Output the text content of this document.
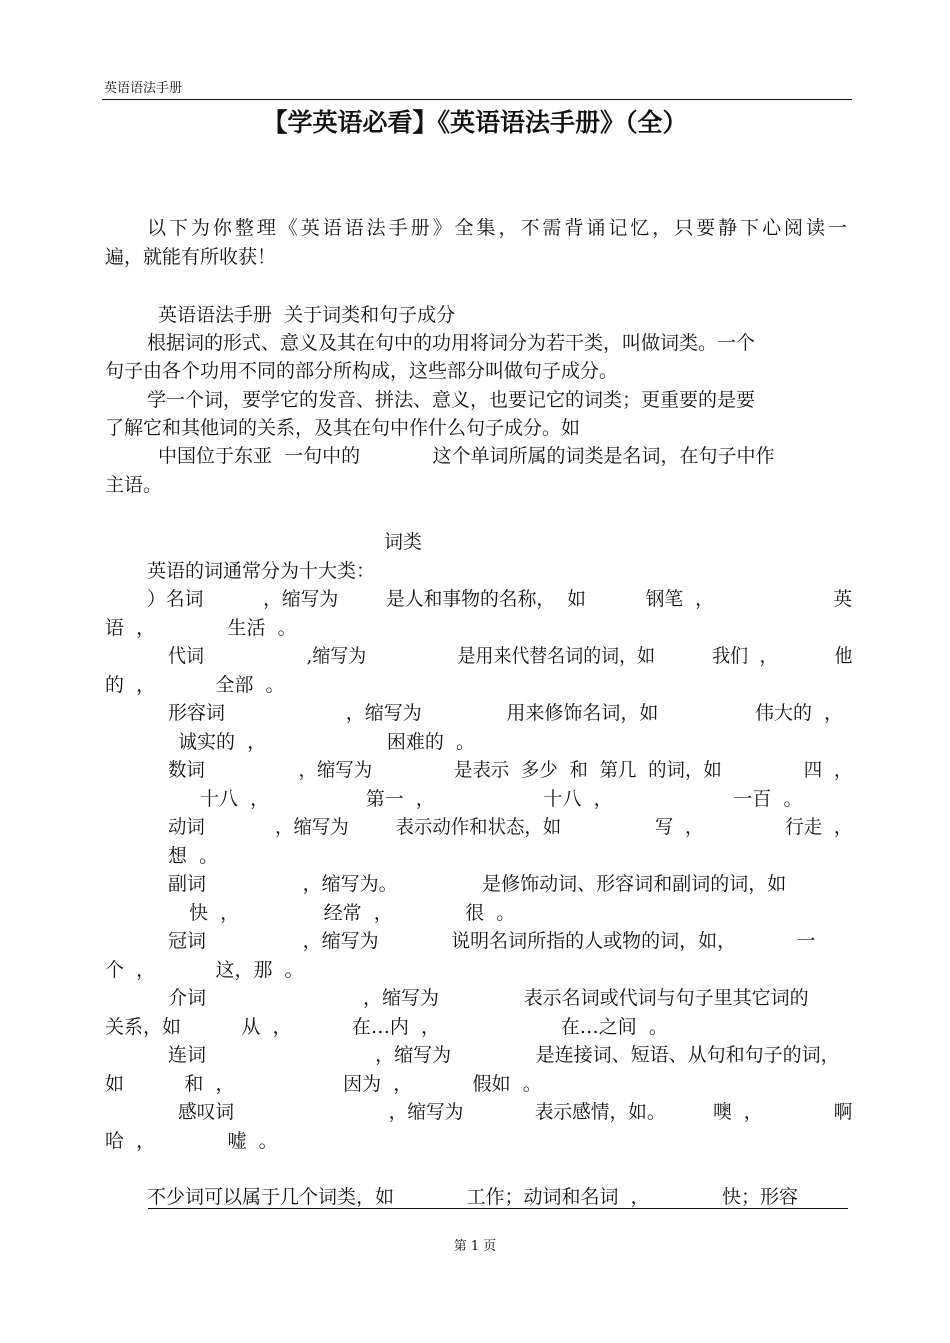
英语语法手册
【学英语必看】《英语语法手册》（全）
以下为你整理《英语语法手册》全集，不需背诵记忆，只要静下心阅读一
遍，就能有所收获！
英语语法手册  关于词类和句子成分
根据词的形式、意义及其在句中的功用将词分为若干类，叫做词类。一个
句子由各个功用不同的部分所构成，这些部分叫做句子成分。
学一个词，要学它的发音、拼法、意义，也要记它的词类；更重要的是要
了解它和其他词的关系，及其在句中作什么句子成分。如
中国位于东亚  一句中的            这个单词所属的词类是名词，在句子中作
主语。
词类
英语的词通常分为十大类：
）名词          ，缩写为        是人和事物的名称，  如          钢笔  ，                    英
语  ，            生活  。
代词                  ,缩写为                是用来代替名词的词，如          我们  ，          他
的  ，          全部  。
形容词                    ，缩写为              用来修饰名词，如                伟大的  ，
诚实的  ，                    困难的  。
数词                ，缩写为              是表示  多少  和  第几  的词，如              四  ，
十八  ，                第一  ，                  十八  ，                    一百  。
动词            ，缩写为        表示动作和状态，如                写  ，              行走  ，
想  。
副词                ，缩写为。              是修饰动词、形容词和副词的词，如
快  ，              经常  ，            很  。
冠词                ，缩写为            说明名词所指的人或物的词，如，          一
个  ，          这，那  。
介词                          ，缩写为              表示名词或代词与句子里其它词的
关系，如          从  ，          在…内  ，                    在…之间  。
连词                            ，缩写为              是连接词、短语、从句和句子的词，
如          和  ，                  因为  ，          假如  。
感叹词                          ，缩写为            表示感情，如。        噢  ，            啊
哈  ，            嘘  。
不少词可以属于几个词类，如            工作；动词和名词  ，            快；形容
第 1 页
